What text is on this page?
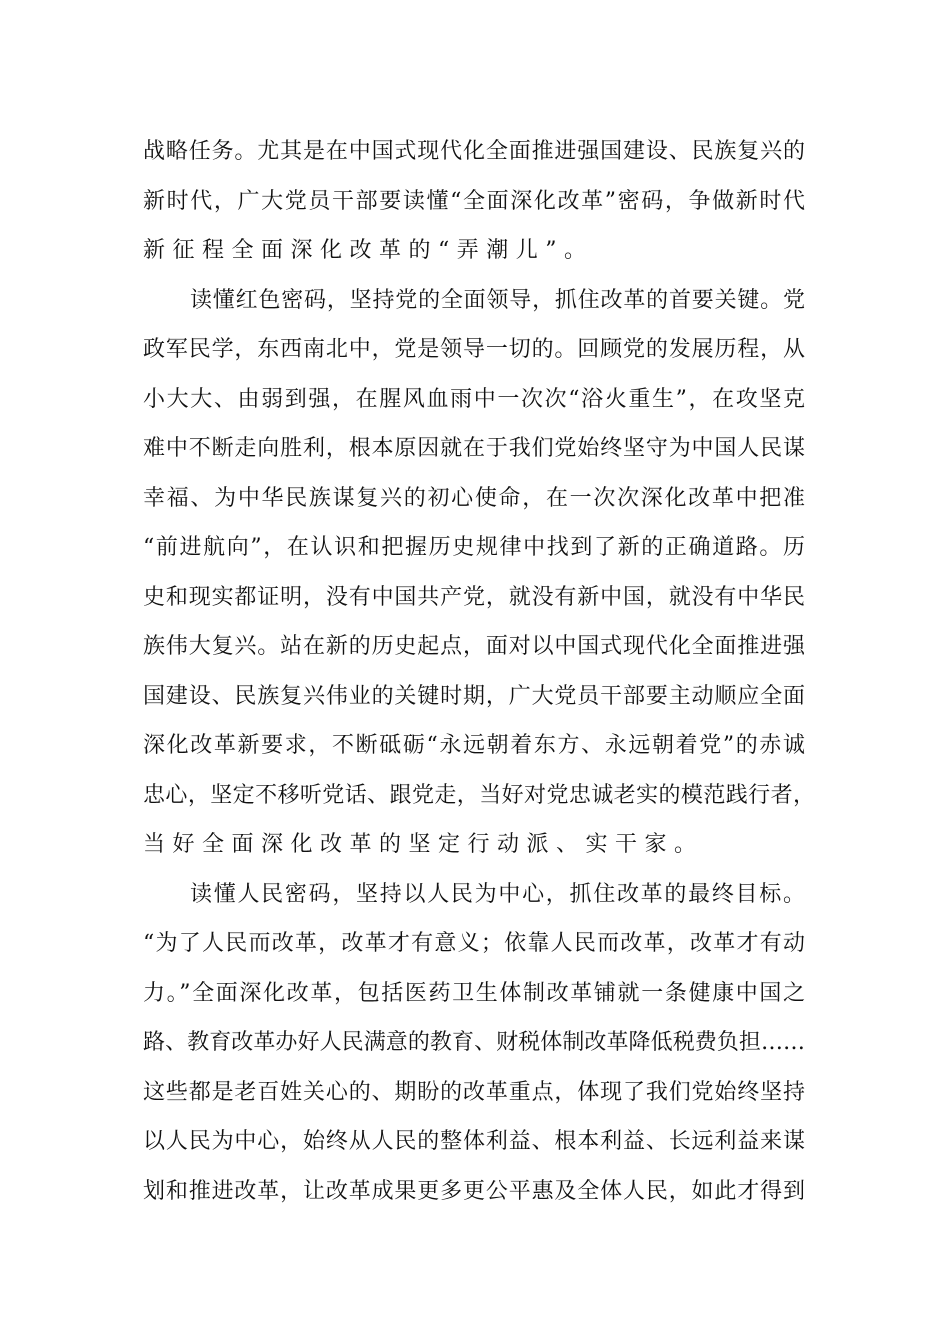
战略任务。尤其是在中国式现代化全面推进强国建设、民族复兴的
新时代，广大党员干部要读懂“全面深化改革”密码，争做新时代
新征程全面深化改革的“弄潮儿”。
读懂红色密码，坚持党的全面领导，抓住改革的首要关键。党
政军民学，东西南北中，党是领导一切的。回顾党的发展历程，从
小大大、由弱到强，在腥风血雨中一次次“浴火重生”，在攻坚克
难中不断走向胜利，根本原因就在于我们党始终坚守为中国人民谋
幸福、为中华民族谋复兴的初心使命，在一次次深化改革中把准
“前进航向”，在认识和把握历史规律中找到了新的正确道路。历
史和现实都证明，没有中国共产党，就没有新中国，就没有中华民
族伟大复兴。站在新的历史起点，面对以中国式现代化全面推进强
国建设、民族复兴伟业的关键时期，广大党员干部要主动顺应全面
深化改革新要求，不断砥砺“永远朝着东方、永远朝着党”的赤诚
忠心，坚定不移听党话、跟党走，当好对党忠诚老实的模范践行者，
当好全面深化改革的坚定行动派、实干家。
读懂人民密码，坚持以人民为中心，抓住改革的最终目标。
“为了人民而改革，改革才有意义；依靠人民而改革，改革才有动
力。”全面深化改革，包括医药卫生体制改革铺就一条健康中国之
路、教育改革办好人民满意的教育、财税体制改革降低税费负担……
这些都是老百姓关心的、期盼的改革重点，体现了我们党始终坚持
以人民为中心，始终从人民的整体利益、根本利益、长远利益来谋
划和推进改革，让改革成果更多更公平惠及全体人民，如此才得到
